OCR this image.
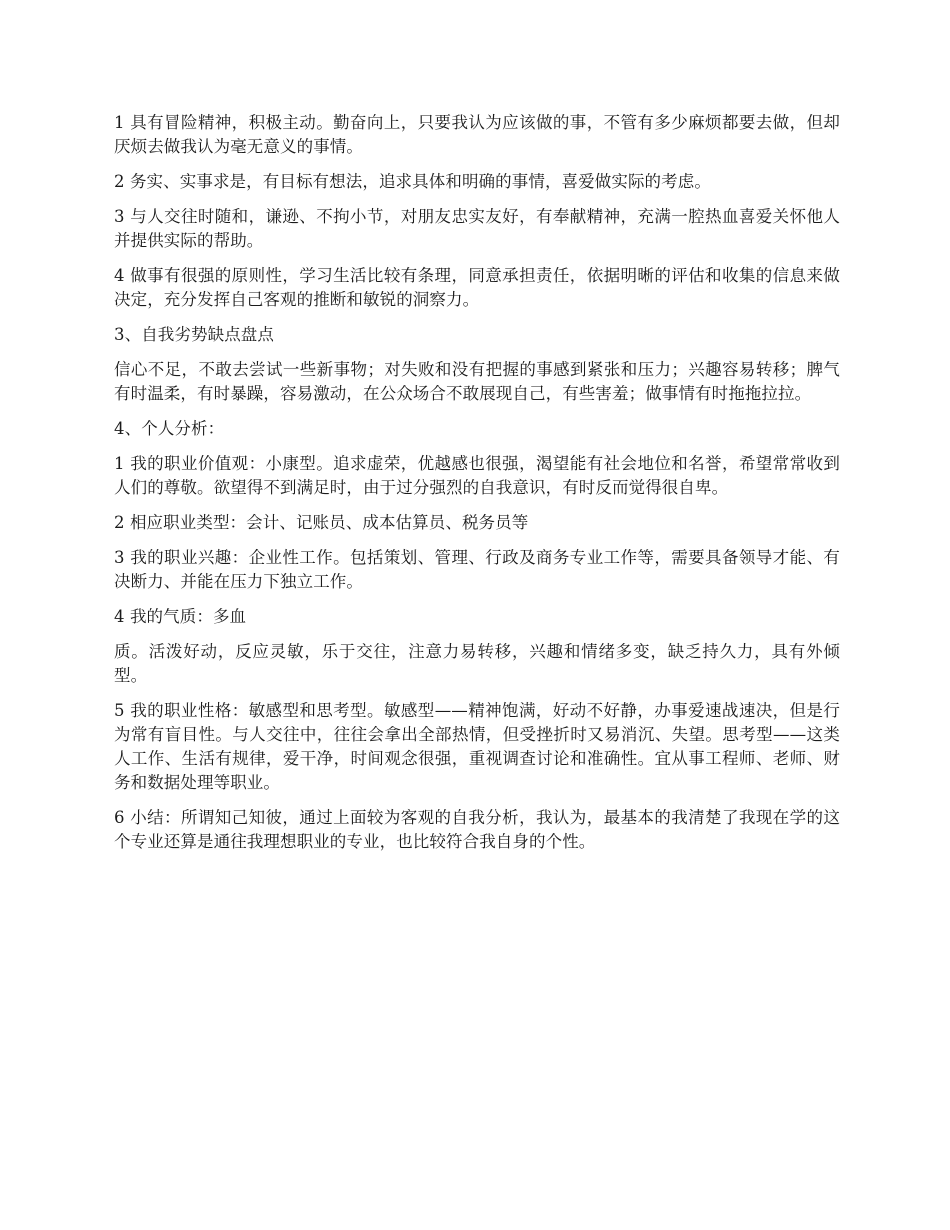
1 具有冒险精神，积极主动。勤奋向上，只要我认为应该做的事，不管有多少麻烦都要去做，但却厌烦去做我认为毫无意义的事情。

2 务实、实事求是，有目标有想法，追求具体和明确的事情，喜爱做实际的考虑。

3 与人交往时随和，谦逊、不拘小节，对朋友忠实友好，有奉献精神，充满一腔热血喜爱关怀他人并提供实际的帮助。

4 做事有很强的原则性，学习生活比较有条理，同意承担责任，依据明晰的评估和收集的信息来做决定，充分发挥自己客观的推断和敏锐的洞察力。

3、自我劣势缺点盘点

信心不足，不敢去尝试一些新事物；对失败和没有把握的事感到紧张和压力；兴趣容易转移；脾气有时温柔，有时暴躁，容易激动，在公众场合不敢展现自己，有些害羞；做事情有时拖拖拉拉。

4、个人分析：

1 我的职业价值观：小康型。追求虚荣，优越感也很强，渴望能有社会地位和名誉，希望常常收到人们的尊敬。欲望得不到满足时，由于过分强烈的自我意识，有时反而觉得很自卑。

2 相应职业类型：会计、记账员、成本估算员、税务员等

3 我的职业兴趣：企业性工作。包括策划、管理、行政及商务专业工作等，需要具备领导才能、有决断力、并能在压力下独立工作。

4 我的气质：多血

质。活泼好动，反应灵敏，乐于交往，注意力易转移，兴趣和情绪多变，缺乏持久力，具有外倾型。

5 我的职业性格：敏感型和思考型。敏感型——精神饱满，好动不好静，办事爱速战速决，但是行为常有盲目性。与人交往中，往往会拿出全部热情，但受挫折时又易消沉、失望。思考型——这类人工作、生活有规律，爱干净，时间观念很强，重视调查讨论和准确性。宜从事工程师、老师、财务和数据处理等职业。

6 小结：所谓知己知彼，通过上面较为客观的自我分析，我认为，最基本的我清楚了我现在学的这个专业还算是通往我理想职业的专业，也比较符合我自身的个性。
